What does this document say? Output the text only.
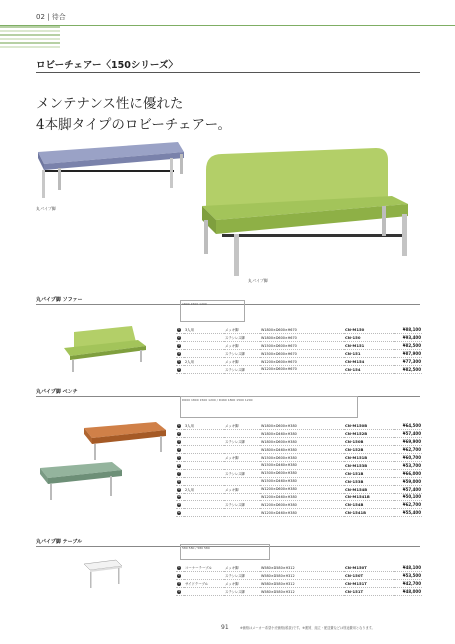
02 | 待合
ロビーチェアー〈150シリーズ〉
メンテナンス性に優れた
4本脚タイプのロビーチェアー。
丸パイプ脚
丸パイプ脚
丸パイプ脚 ソファー
1800 1500 1200
1	3人用	メッキ脚	W1800×D600×H670	CN-M150	¥88,100
2		ステンレス脚	W1800×D600×H670	CN-150	¥93,400
3		メッキ脚	W1500×D600×H670	CN-M151	¥82,500
4		ステンレス脚	W1500×D600×H670	CN-151	¥87,900
5	2人用	メッキ脚	W1200×D600×H670	CN-M154	¥77,300
6		ステンレス脚	W1200×D600×H670	CN-154	¥82,500
丸パイプ脚 ベンチ
D600 1800 1500 1200 / D460 1800 1500 1200
1	3人用	メッキ脚	W1800×D600×H380	CN-M150B	¥64,500
2			W1800×D460×H380	CN-M152B	¥57,400
3		ステンレス脚	W1800×D600×H380	CN-150B	¥69,900
4			W1800×D460×H380	CN-152B	¥62,700
5		メッキ脚	W1500×D600×H380	CN-M151B	¥60,700
6			W1500×D460×H380	CN-M153B	¥53,700
7		ステンレス脚	W1500×D600×H380	CN-151B	¥66,000
8			W1500×D460×H380	CN-153B	¥59,000
9	2人用	メッキ脚	W1200×D600×H380	CN-M154B	¥57,400
10			W1200×D460×H380	CN-M1541B	¥50,100
11		ステンレス脚	W1200×D600×H380	CN-154B	¥62,700
12			W1200×D460×H380	CN-1541B	¥55,400
丸パイプ脚 テーブル
580 580 / 580 580
1	コーナーテーブル	メッキ脚	W580×D580×H312	CN-M150T	¥48,100
2		ステンレス脚	W580×D580×H312	CN-150T	¥53,500
3	サイドテーブル	メッキ脚	W580×D580×H312	CN-M151T	¥42,700
4		ステンレス脚	W580×D580×H312	CN-151T	¥48,000
91	※価格はメーカー希望小売価格(税抜)です。※運賃、組立・配送費などは別途費用となります。
